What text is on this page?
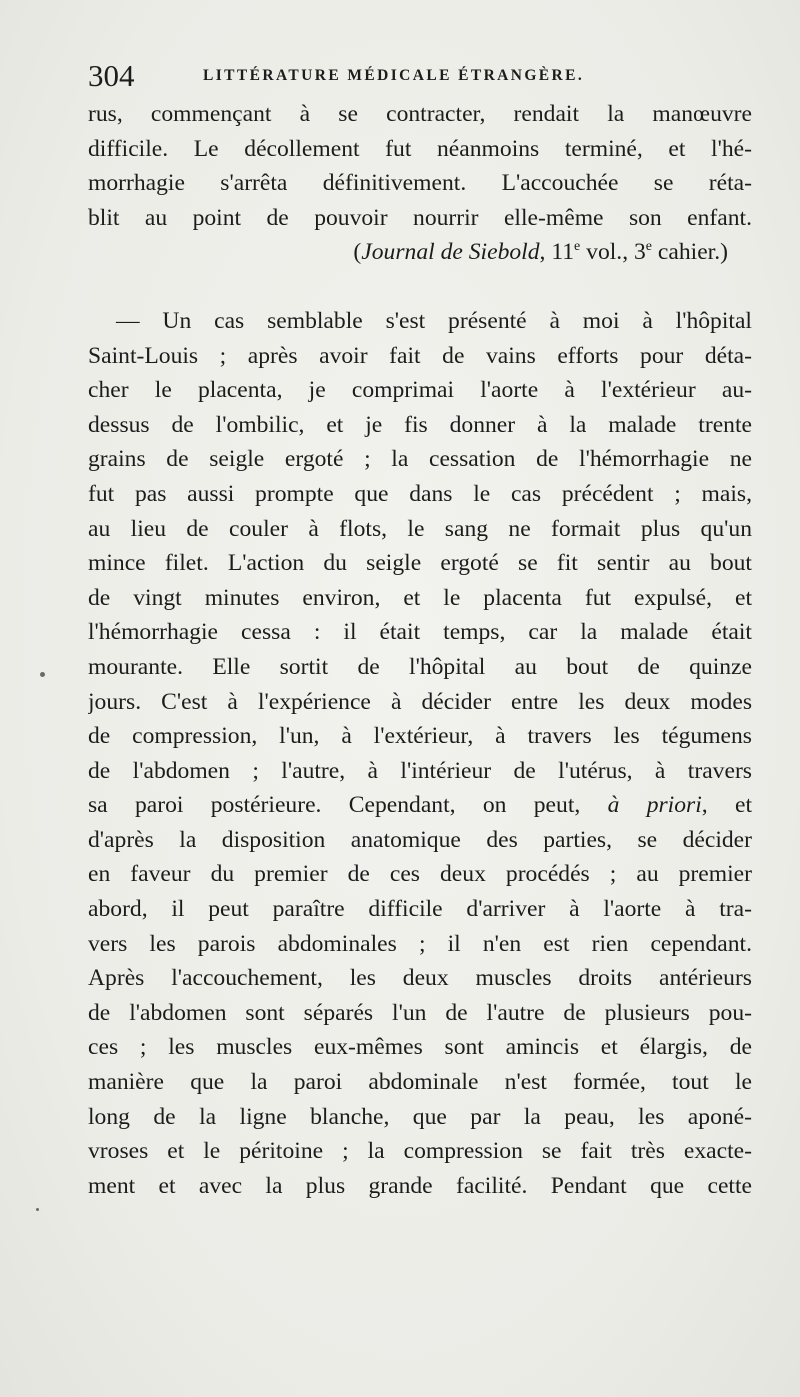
304	LITTÉRATURE MÉDICALE ÉTRANGÈRE.
rus, commençant à se contracter, rendait la manœuvre
difficile. Le décollement fut néanmoins terminé, et l'hé-
morrhagie s'arrêta définitivement. L'accouchée se réta-
blit au point de pouvoir nourrir elle-même son enfant.
(Journal de Siebold, 11e vol., 3e cahier.)
— Un cas semblable s'est présenté à moi à l'hôpital
Saint-Louis ; après avoir fait de vains efforts pour déta-
cher le placenta, je comprimai l'aorte à l'extérieur au-
dessus de l'ombilic, et je fis donner à la malade trente
grains de seigle ergoté ; la cessation de l'hémorrhagie ne
fut pas aussi prompte que dans le cas précédent ; mais,
au lieu de couler à flots, le sang ne formait plus qu'un
mince filet. L'action du seigle ergoté se fit sentir au bout
de vingt minutes environ, et le placenta fut expulsé, et
l'hémorrhagie cessa : il était temps, car la malade était
mourante. Elle sortit de l'hôpital au bout de quinze
jours. C'est à l'expérience à décider entre les deux modes
de compression, l'un, à l'extérieur, à travers les tégumens
de l'abdomen ; l'autre, à l'intérieur de l'utérus, à travers
sa paroi postérieure. Cependant, on peut, à priori, et
d'après la disposition anatomique des parties, se décider
en faveur du premier de ces deux procédés ; au premier
abord, il peut paraître difficile d'arriver à l'aorte à tra-
vers les parois abdominales ; il n'en est rien cependant.
Après l'accouchement, les deux muscles droits antérieurs
de l'abdomen sont séparés l'un de l'autre de plusieurs pou-
ces ; les muscles eux-mêmes sont amincis et élargis, de
manière que la paroi abdominale n'est formée, tout le
long de la ligne blanche, que par la peau, les aponé-
vroses et le péritoine ; la compression se fait très exacte-
ment et avec la plus grande facilité. Pendant que cette
